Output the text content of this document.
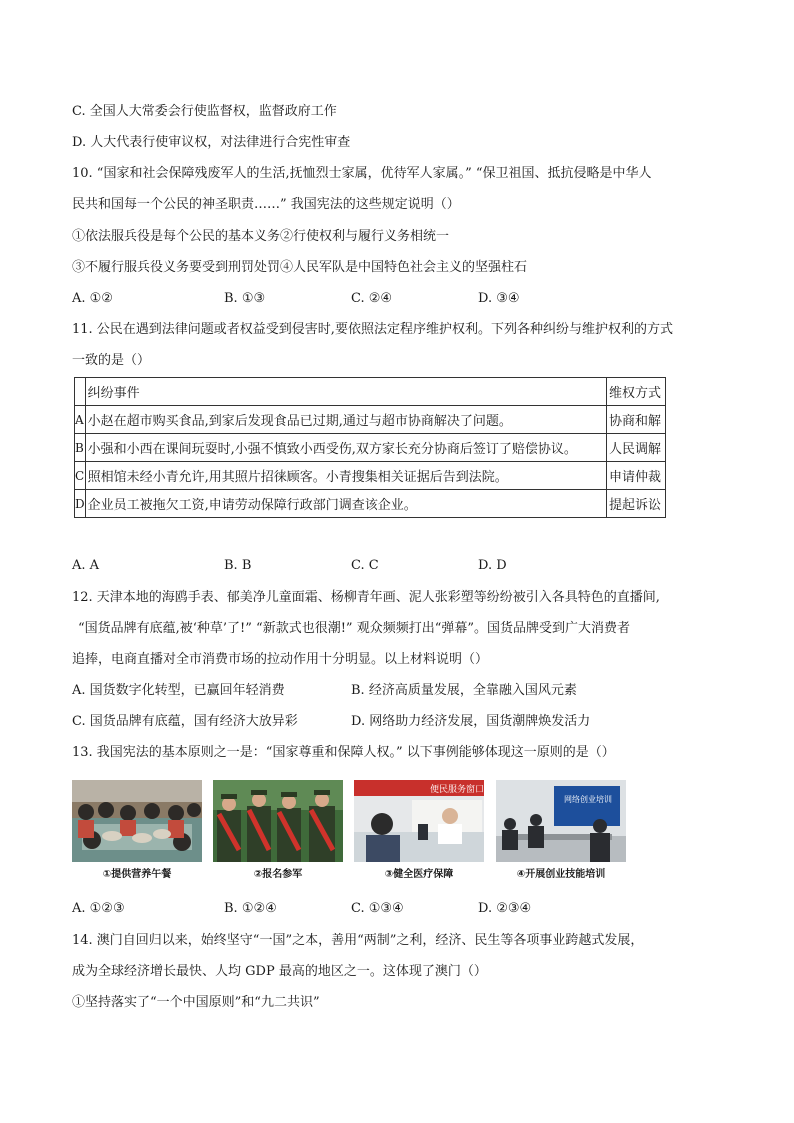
C. 全国人大常委会行使监督权，监督政府工作
D. 人大代表行使审议权，对法律进行合宪性审查
10. “国家和社会保障残废军人的生活,抚恤烈士家属，优待军人家属。” “保卫祖国、抵抗侵略是中华人
民共和国每一个公民的神圣职责……” 我国宪法的这些规定说明（）
①依法服兵役是每个公民的基本义务②行使权利与履行义务相统一
③不履行服兵役义务要受到刑罚处罚④人民军队是中国特色社会主义的坚强柱石
A. ①②	B. ①③	C. ②④	D. ③④
11. 公民在遇到法律问题或者权益受到侵害时,要依照法定程序维护权利。下列各种纠纷与维护权利的方式
一致的是（）
	纠纷事件	维权方式
A	小赵在超市购买食品,到家后发现食品已过期,通过与超市协商解决了问题。	协商和解
B	小强和小西在课间玩耍时,小强不慎致小西受伤,双方家长充分协商后签订了赔偿协议。	人民调解
C	照相馆未经小青允许,用其照片招徕顾客。小青搜集相关证据后告到法院。	申请仲裁
D	企业员工被拖欠工资,申请劳动保障行政部门调查该企业。	提起诉讼
A. A	B. B	C. C	D. D
12. 天津本地的海鸥手表、郁美净儿童面霜、杨柳青年画、泥人张彩塑等纷纷被引入各具特色的直播间,
“国货品牌有底蕴,被‘种草’了!” “新款式也很潮!” 观众频频打出“弹幕”。国货品牌受到广大消费者
追捧，电商直播对全市消费市场的拉动作用十分明显。以上材料说明（）
A. 国货数字化转型，已赢回年轻消费	B. 经济高质量发展，全靠融入国风元素
C. 国货品牌有底蕴，国有经济大放异彩	D. 网络助力经济发展，国货潮牌焕发活力
13. 我国宪法的基本原则之一是：“国家尊重和保障人权。” 以下事例能够体现这一原则的是（）
①提供营养午餐	②报名参军
便民服务窗口
③健全医疗保障
网络创业培训
④开展创业技能培训
A. ①②③	B. ①②④	C. ①③④	D. ②③④
14. 澳门自回归以来，始终坚守“一国”之本，善用“两制”之利，经济、民生等各项事业跨越式发展，
成为全球经济增长最快、人均 GDP 最高的地区之一。这体现了澳门（）
①坚持落实了“一个中国原则”和“九二共识”
